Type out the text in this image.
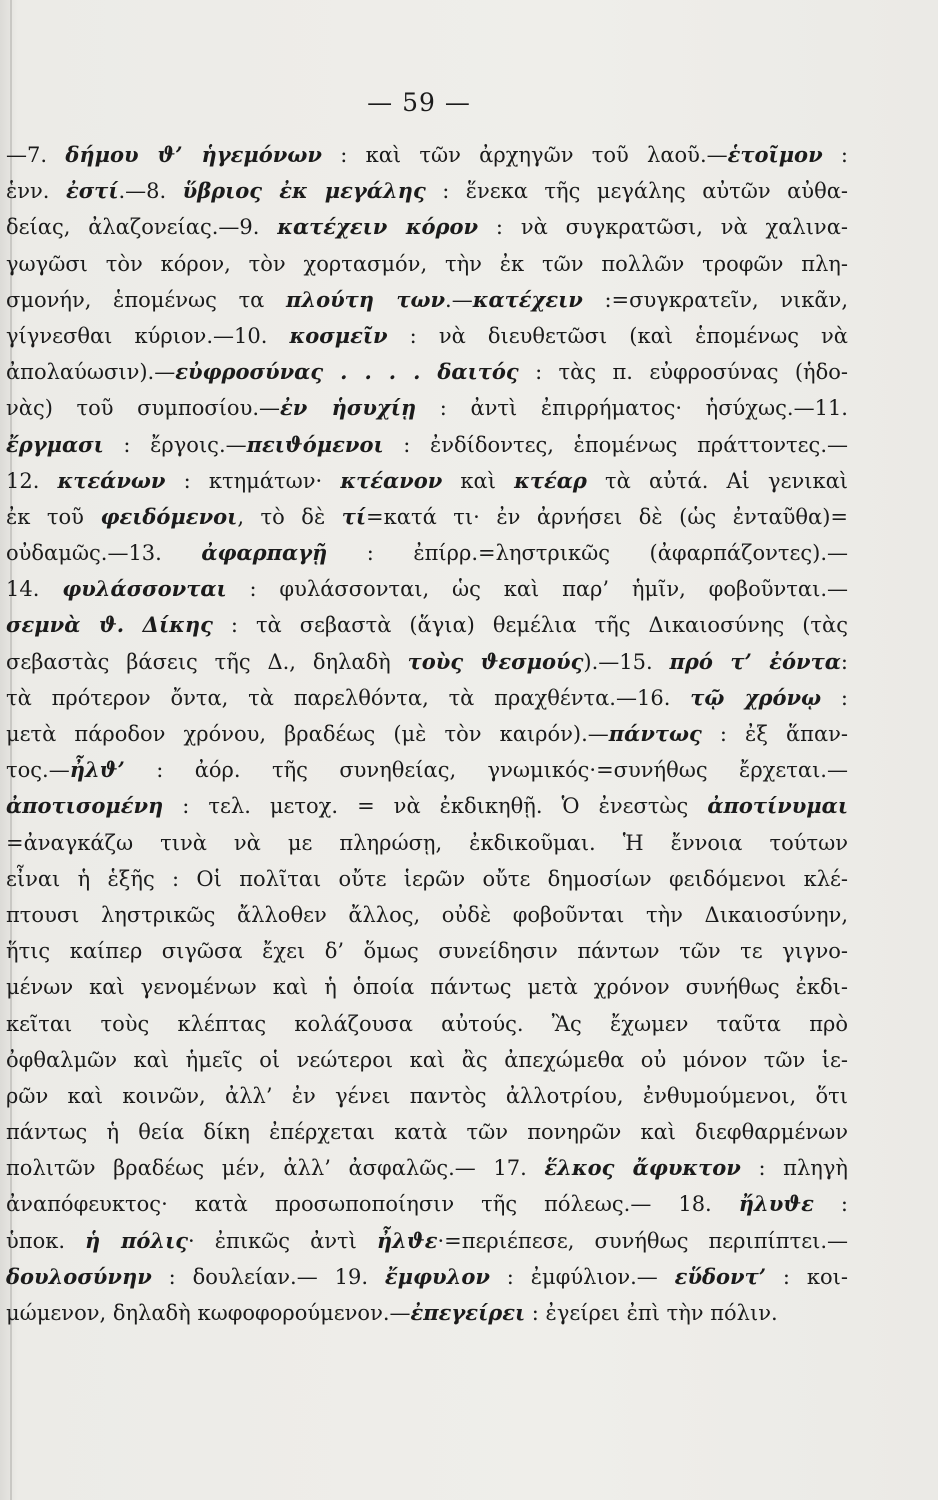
— 59 —
—7. δήμου ϑ’ ἡγεμόνων : καὶ τῶν ἀρχηγῶν τοῦ λαοῦ.—ἑτοῖμον :
ἑνν. ἐστί.—8. ὕβριος ἐκ μεγάλης : ἕνεκα τῆς μεγάλης αὐτῶν αὐθα-
δείας, ἀλαζονείας.—9. κατέχειν κόρον : νὰ συγκρατῶσι, νὰ χαλινα-
γωγῶσι τὸν κόρον, τὸν χορτασμόν, τὴν ἐκ τῶν πολλῶν τροφῶν πλη-
σμονήν, ἑπομένως τα πλούτη των.—κατέχειν :=συγκρατεῖν, νικᾶν,
γίγνεσθαι κύριον.—10. κοσμεῖν : νὰ διευθετῶσι (καὶ ἑπομένως νὰ
ἀπολαύωσιν).—εὐφροσύνας . . . . δαιτός : τὰς π. εὐφροσύνας (ἡδο-
νὰς) τοῦ συμποσίου.—ἐν ἡσυχίῃ : ἀντὶ ἐπιρρήματος· ἡσύχως.—11.
ἔργμασι : ἔργοις.—πειϑόμενοι : ἐνδίδοντες, ἑπομένως πράττοντες.—
12. κτεάνων : κτημάτων· κτέανον καὶ κτέαρ τὰ αὐτά. Αἱ γενικαὶ
ἐκ τοῦ φειδόμενοι, τὸ δὲ τί=κατά τι· ἐν ἀρνήσει δὲ (ὡς ἐνταῦθα)=
οὐδαμῶς.—13. ἀφαρπαγῇ : ἐπίρρ.=ληστρικῶς (ἀφαρπάζοντες).—
14. φυλάσσονται : φυλάσσονται, ὡς καὶ παρ’ ἡμῖν, φοβοῦνται.—
σεμνὰ ϑ. Δίκης : τὰ σεβαστὰ (ἅγια) θεμέλια τῆς Δικαιοσύνης (τὰς
σεβαστὰς βάσεις τῆς Δ., δηλαδὴ τοὺς ϑεσμούς).—15. πρό τ’ ἐόντα:
τὰ πρότερον ὄντα, τὰ παρελθόντα, τὰ πραχθέντα.—16. τῷ χρόνῳ :
μετὰ πάροδον χρόνου, βραδέως (μὲ τὸν καιρόν).—πάντως : ἐξ ἅπαν-
τος.—ἦλϑ’ : ἀόρ. τῆς συνηθείας, γνωμικός·=συνήθως ἔρχεται.—
ἀποτισομένη : τελ. μετοχ. = νὰ ἐκδικηθῇ. Ὁ ἐνεστὼς ἀποτίνυμαι
=ἀναγκάζω τινὰ νὰ με πληρώσῃ, ἐκδικοῦμαι. Ἡ ἔννοια τούτων
εἶναι ἡ ἑξῆς : Οἱ πολῖται οὔτε ἱερῶν οὔτε δημοσίων φειδόμενοι κλέ-
πτουσι ληστρικῶς ἄλλοθεν ἄλλος, οὐδὲ φοβοῦνται τὴν Δικαιοσύνην,
ἥτις καίπερ σιγῶσα ἔχει δ’ ὅμως συνείδησιν πάντων τῶν τε γιγνο-
μένων καὶ γενομένων καὶ ἡ ὁποία πάντως μετὰ χρόνον συνήθως ἐκδι-
κεῖται τοὺς κλέπτας κολάζουσα αὐτούς. Ἂς ἔχωμεν ταῦτα πρὸ
ὀφθαλμῶν καὶ ἡμεῖς οἱ νεώτεροι καὶ ἂς ἀπεχώμεθα οὐ μόνον τῶν ἱε-
ρῶν καὶ κοινῶν, ἀλλ’ ἐν γένει παντὸς ἀλλοτρίου, ἐνθυμούμενοι, ὅτι
πάντως ἡ θεία δίκη ἐπέρχεται κατὰ τῶν πονηρῶν καὶ διεφθαρμένων
πολιτῶν βραδέως μέν, ἀλλ’ ἀσφαλῶς.— 17. ἕλκος ἄφυκτον : πληγὴ
ἀναπόφευκτος· κατὰ προσωποποίησιν τῆς πόλεως.— 18. ἤλυϑε :
ὑποκ. ἡ πόλις· ἐπικῶς ἀντὶ ἦλϑε·=περιέπεσε, συνήθως περιπίπτει.—
δουλοσύνην : δουλείαν.— 19. ἔμφυλον : ἐμφύλιον.— εὕδοντ’ : κοι-
μώμενον, δηλαδὴ κωφοφορούμενον.—ἐπεγείρει : ἐγείρει ἐπὶ τὴν πόλιν.
